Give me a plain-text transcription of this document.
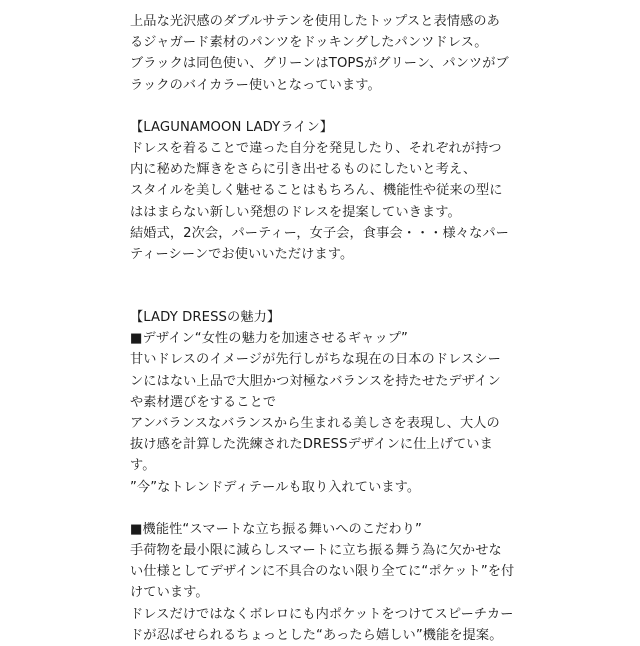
上品な光沢感のダブルサテンを使用したトップスと表情感のあ
るジャガード素材のパンツをドッキングしたパンツドレス。
ブラックは同色使い、グリーンはTOPSがグリーン、パンツがブ
ラックのバイカラー使いとなっています。
【LAGUNAMOON LADYライン】
ドレスを着ることで違った自分を発見したり、それぞれが持つ
内に秘めた輝きをさらに引き出せるものにしたいと考え、
スタイルを美しく魅せることはもちろん、機能性や従来の型に
ははまらない新しい発想のドレスを提案していきます。
結婚式，2次会，パーティー，女子会，食事会・・・様々なパー
ティーシーンでお使いいただけます。
【LADY DRESSの魅力】
■デザイン“女性の魅力を加速させるギャップ”
甘いドレスのイメージが先行しがちな現在の日本のドレスシー
ンにはない上品で大胆かつ対極なバランスを持たせたデザイン
や素材選びをすることで
アンバランスなバランスから生まれる美しさを表現し、大人の
抜け感を計算した洗練されたDRESSデザインに仕上げていま
す。
”今”なトレンドディテールも取り入れています。
■機能性“スマートな立ち振る舞いへのこだわり”
手荷物を最小限に減らしスマートに立ち振る舞う為に欠かせな
い仕様としてデザインに不具合のない限り全てに“ポケット”を付
けています。
ドレスだけではなくボレロにも内ポケットをつけてスピーチカー
ドが忍ばせられるちょっとした“あったら嬉しい”機能を提案。
